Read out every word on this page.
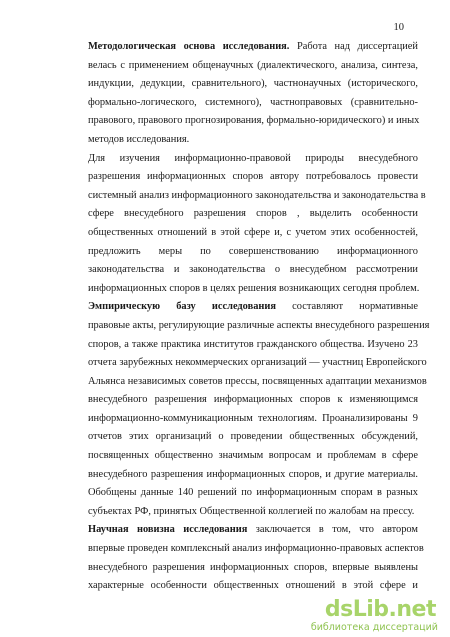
10
Методологическая основа исследования. Работа над диссертацией
велась с применением общенаучных (диалектического, анализа, синтеза,
индукции, дедукции, сравнительного), частнонаучных (исторического,
формально-логического, системного), частноправовых (сравнительно-
правового, правового прогнозирования, формально-юридического) и иных
методов исследования.
Для изучения информационно-правовой природы внесудебного
разрешения информационных споров автору потребовалось провести
системный анализ информационного законодательства и законодательства в
сфере внесудебного разрешения споров , выделить особенности
общественных отношений в этой сфере и, с учетом этих особенностей,
предложить меры по совершенствованию информационного
законодательства и законодательства о внесудебном рассмотрении
информационных споров в целях решения возникающих сегодня проблем.
Эмпирическую базу исследования составляют нормативные
правовые акты, регулирующие различные аспекты внесудебного разрешения
споров, а также практика институтов гражданского общества. Изучено 23
отчета зарубежных некоммерческих организаций — участниц Европейского
Альянса независимых советов прессы, посвященных адаптации механизмов
внесудебного разрешения информационных споров к изменяющимся
информационно-коммуникационным технологиям. Проанализированы 9
отчетов этих организаций о проведении общественных обсуждений,
посвященных общественно значимым вопросам и проблемам в сфере
внесудебного разрешения информационных споров, и другие материалы.
Обобщены данные 140 решений по информационным спорам в разных
субъектах РФ, принятых Общественной коллегией по жалобам на прессу.
Научная новизна исследования заключается в том, что автором
впервые проведен комплексный анализ информационно-правовых аспектов
внесудебного разрешения информационных споров, впервые выявлены
характерные особенности общественных отношений в этой сфере и
dsLib.net
библиотека диссертаций
